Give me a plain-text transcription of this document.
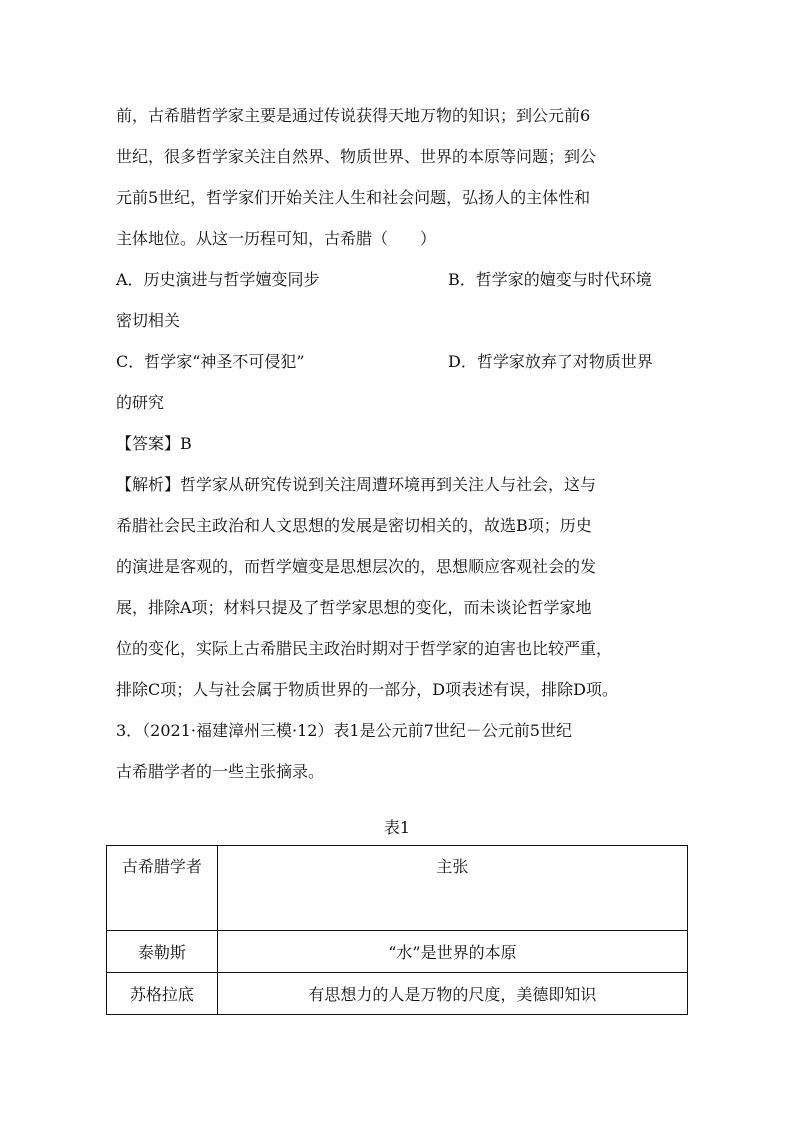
前，古希腊哲学家主要是通过传说获得天地万物的知识；到公元前6
世纪，很多哲学家关注自然界、物质世界、世界的本原等问题；到公
元前5世纪，哲学家们开始关注人生和社会问题，弘扬人的主体性和
主体地位。从这一历程可知，古希腊（　　）
A．历史演进与哲学嬗变同步	B．哲学家的嬗变与时代环境
密切相关
C．哲学家“神圣不可侵犯”	D．哲学家放弃了对物质世界
的研究
【答案】B
【解析】哲学家从研究传说到关注周遭环境再到关注人与社会，这与
希腊社会民主政治和人文思想的发展是密切相关的，故选B项；历史
的演进是客观的，而哲学嬗变是思想层次的，思想顺应客观社会的发
展，排除A项；材料只提及了哲学家思想的变化，而未谈论哲学家地
位的变化，实际上古希腊民主政治时期对于哲学家的迫害也比较严重，
排除C项；人与社会属于物质世界的一部分，D项表述有误，排除D项。
3．（2021·福建漳州三模·12）表1是公元前7世纪－公元前5世纪
古希腊学者的一些主张摘录。
表1
古希腊学者	主张
泰勒斯	“水”是世界的本原
苏格拉底	有思想力的人是万物的尺度，美德即知识
